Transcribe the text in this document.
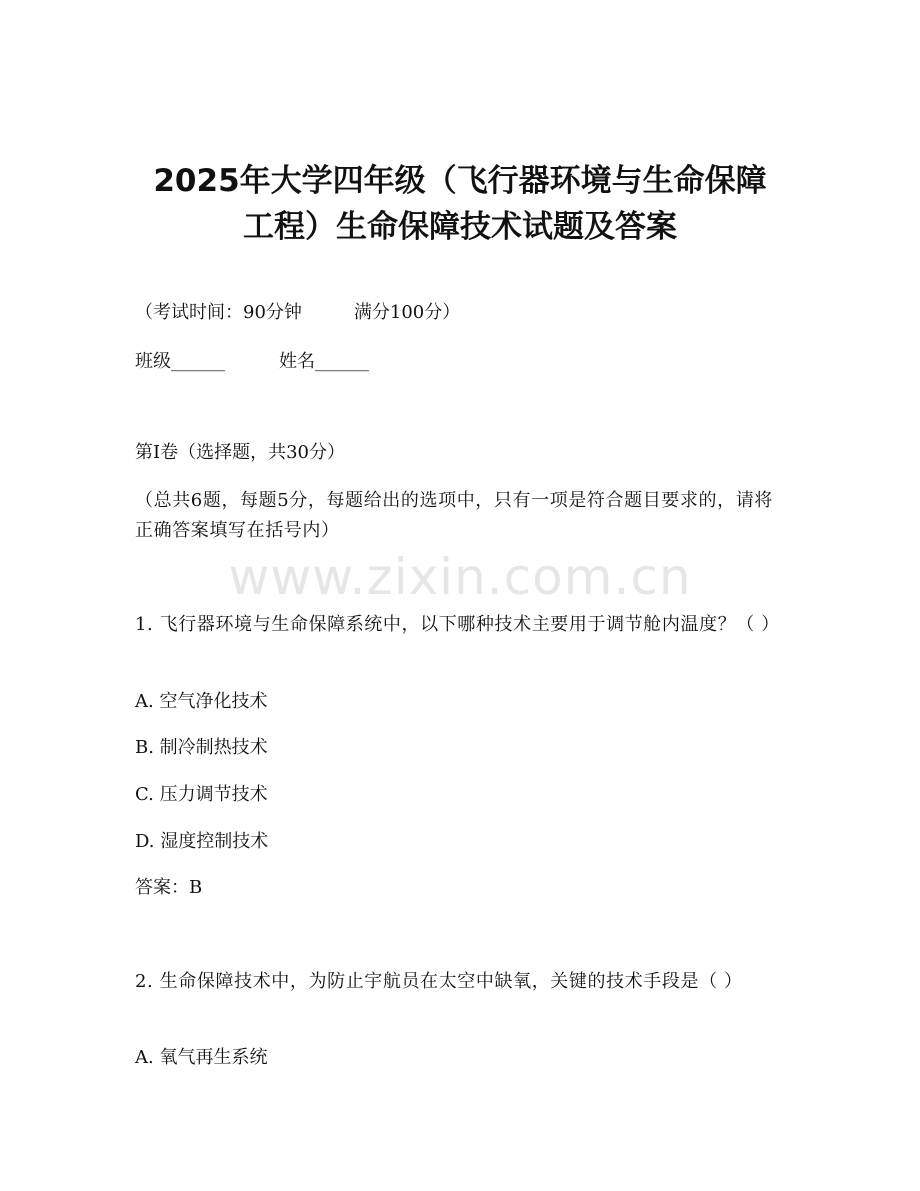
2025年大学四年级（飞行器环境与生命保障
工程）生命保障技术试题及答案
（考试时间：90分钟	满分100分）
班级______	姓名______
第Ⅰ卷（选择题，共30分）
（总共6题，每题5分，每题给出的选项中，只有一项是符合题目要求的，请将正确答案填写在括号内）
www.zixin.com.cn
1. 飞行器环境与生命保障系统中，以下哪种技术主要用于调节舱内温度？（ ）
A. 空气净化技术
B. 制冷制热技术
C. 压力调节技术
D. 湿度控制技术
答案：B
2. 生命保障技术中，为防止宇航员在太空中缺氧，关键的技术手段是（ ）
A. 氧气再生系统
